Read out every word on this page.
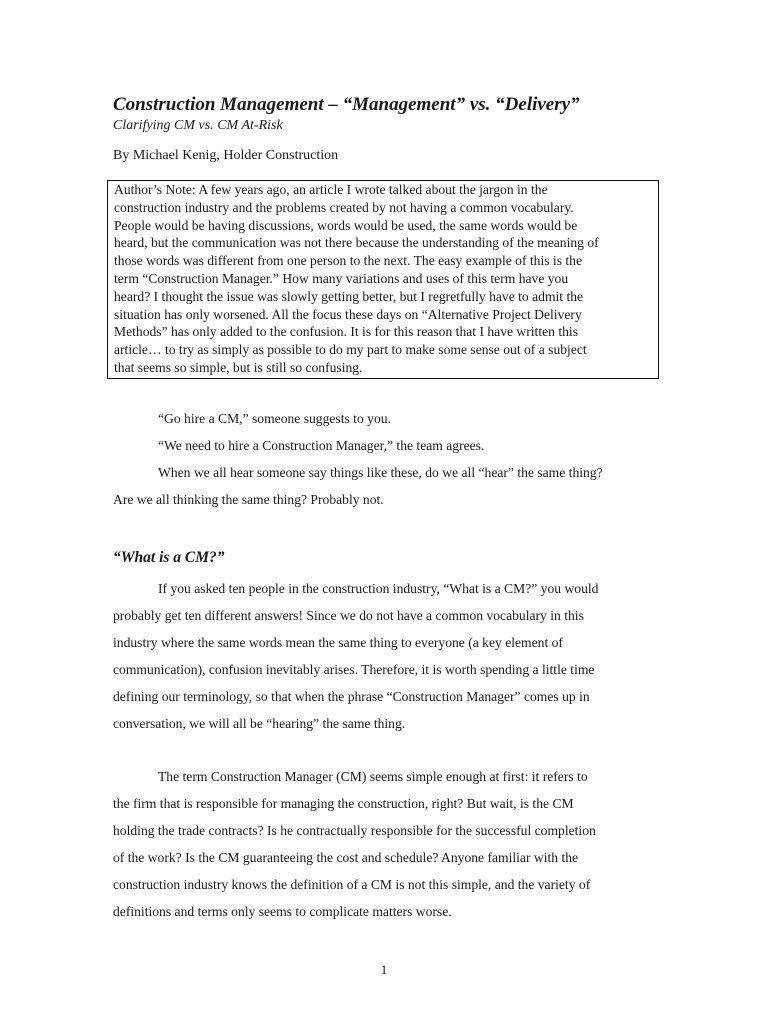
Construction Management – “Management” vs. “Delivery”
Clarifying CM vs. CM At-Risk
By Michael Kenig, Holder Construction
Author’s Note: A few years ago, an article I wrote talked about the jargon in the
construction industry and the problems created by not having a common vocabulary.
People would be having discussions, words would be used, the same words would be
heard, but the communication was not there because the understanding of the meaning of
those words was different from one person to the next. The easy example of this is the
term “Construction Manager.” How many variations and uses of this term have you
heard? I thought the issue was slowly getting better, but I regretfully have to admit the
situation has only worsened. All the focus these days on “Alternative Project Delivery
Methods” has only added to the confusion. It is for this reason that I have written this
article… to try as simply as possible to do my part to make some sense out of a subject
that seems so simple, but is still so confusing.
“Go hire a CM,” someone suggests to you.
“We need to hire a Construction Manager,” the team agrees.
When we all hear someone say things like these, do we all “hear” the same thing?
Are we all thinking the same thing? Probably not.
“What is a CM?”
If you asked ten people in the construction industry, “What is a CM?” you would
probably get ten different answers! Since we do not have a common vocabulary in this
industry where the same words mean the same thing to everyone (a key element of
communication), confusion inevitably arises. Therefore, it is worth spending a little time
defining our terminology, so that when the phrase “Construction Manager” comes up in
conversation, we will all be “hearing” the same thing.
The term Construction Manager (CM) seems simple enough at first: it refers to
the firm that is responsible for managing the construction, right? But wait, is the CM
holding the trade contracts? Is he contractually responsible for the successful completion
of the work? Is the CM guaranteeing the cost and schedule? Anyone familiar with the
construction industry knows the definition of a CM is not this simple, and the variety of
definitions and terms only seems to complicate matters worse.
1
